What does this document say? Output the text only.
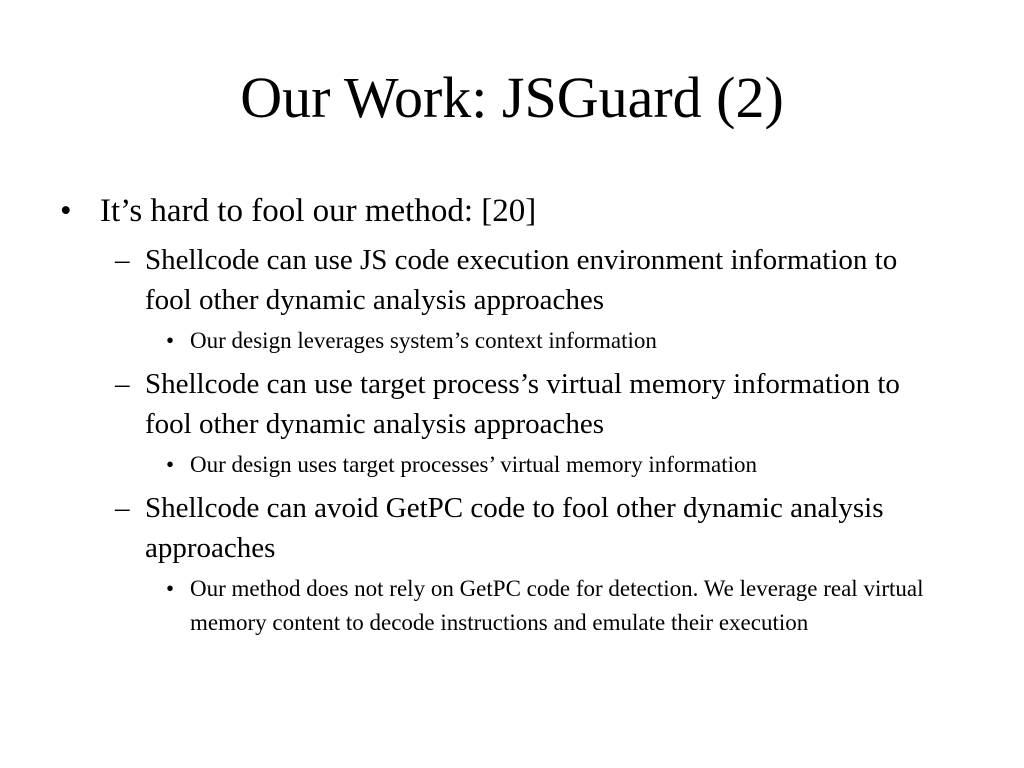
Our Work: JSGuard (2)
• It’s hard to fool our method: [20]
– Shellcode can use JS code execution environment information to fool other dynamic analysis approaches
• Our design leverages system’s context information
– Shellcode can use target process’s virtual memory information to fool other dynamic analysis approaches
• Our design uses target processes’ virtual memory information
– Shellcode can avoid GetPC code to fool other dynamic analysis approaches
• Our method does not rely on GetPC code for detection. We leverage real virtual memory content to decode instructions and emulate their execution
